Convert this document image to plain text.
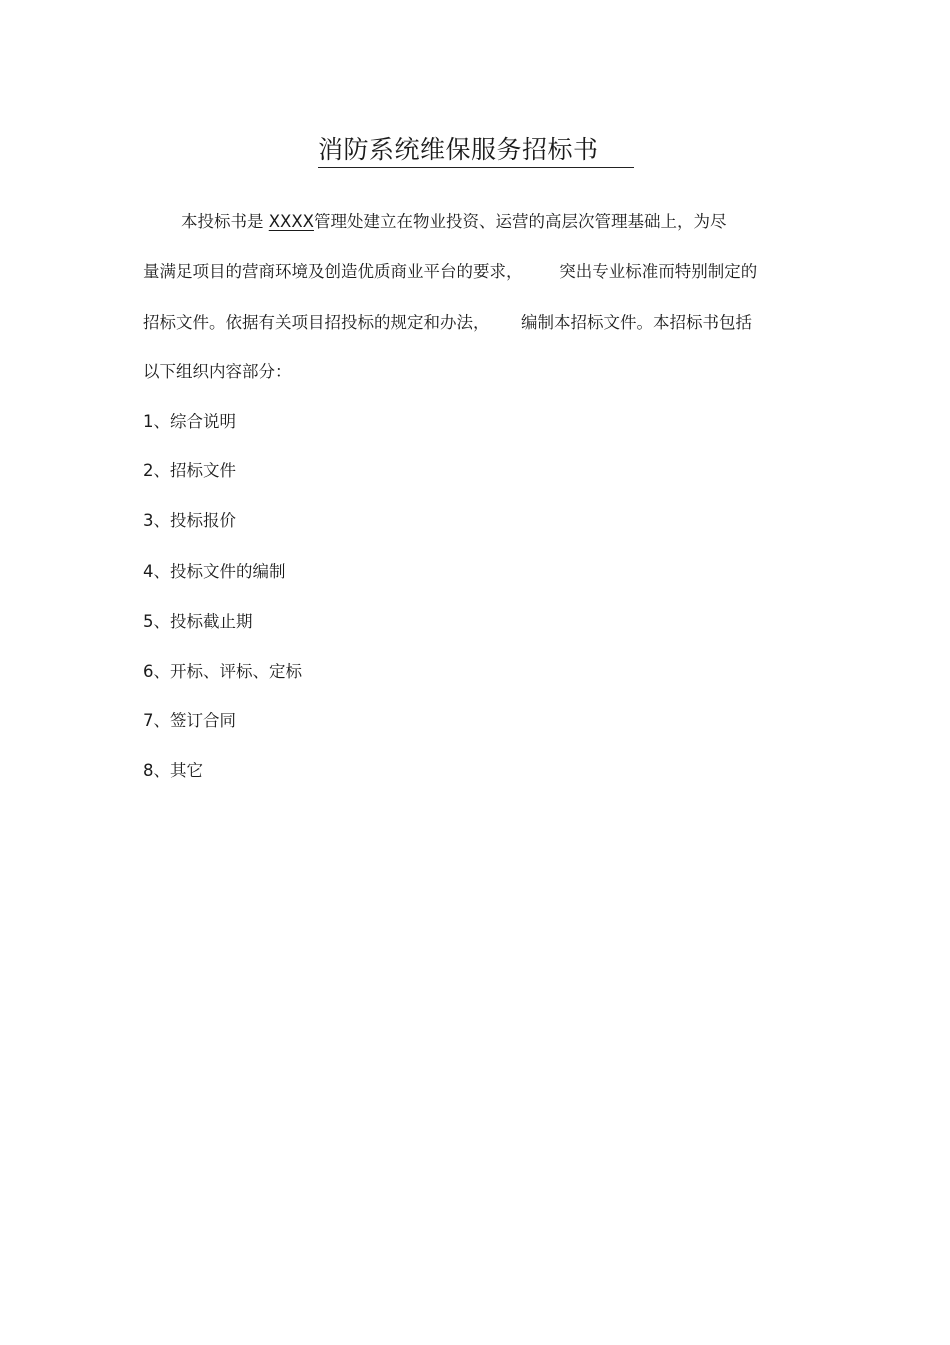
消防系统维保服务招标书
本投标书是 XXXX管理处建立在物业投资、运营的高层次管理基础上，为尽
量满足项目的营商环境及创造优质商业平台的要求，       突出专业标准而特别制定的
招标文件。依据有关项目招投标的规定和办法，      编制本招标文件。本招标书包括
以下组织内容部分：
1、综合说明
2、招标文件
3、投标报价
4、投标文件的编制
5、投标截止期
6、开标、评标、定标
7、签订合同
8、其它
